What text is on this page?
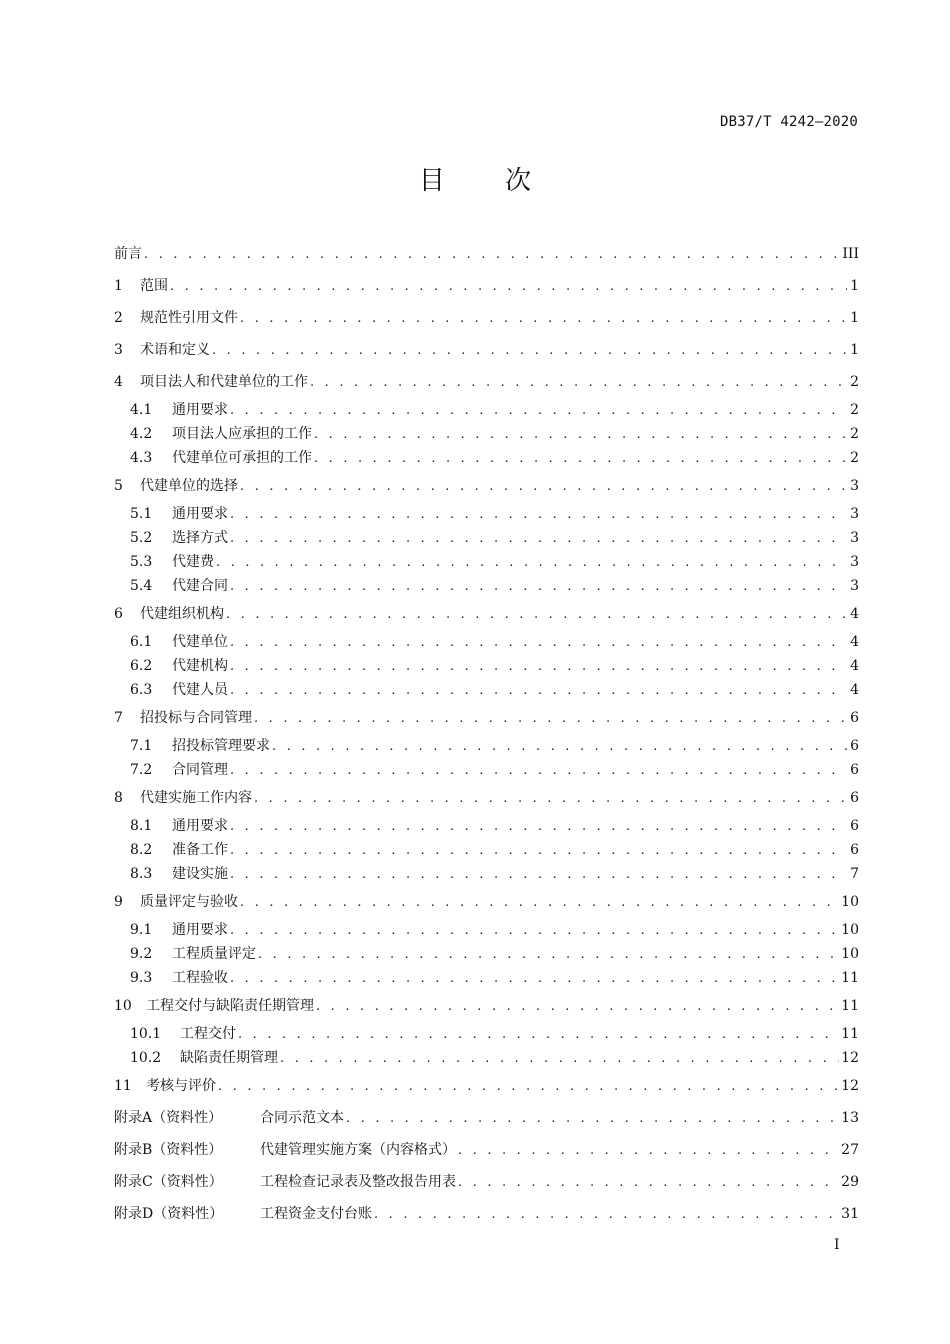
DB37/T 4242—2020
目 次
前言 . . .	III
1	范围 . . .	1
2	规范性引用文件 . . .	1
3	术语和定义 . . .	1
4	项目法人和代建单位的工作 . . .	2
4.1	通用要求 . . .	2
4.2	项目法人应承担的工作 . . .	2
4.3	代建单位可承担的工作 . . .	2
5	代建单位的选择 . . .	3
5.1	通用要求 . . .	3
5.2	选择方式 . . .	3
5.3	代建费 . . .	3
5.4	代建合同 . . .	3
6	代建组织机构 . . .	4
6.1	代建单位 . . .	4
6.2	代建机构 . . .	4
6.3	代建人员 . . .	4
7	招投标与合同管理 . . .	6
7.1	招投标管理要求 . . .	6
7.2	合同管理 . . .	6
8	代建实施工作内容 . . .	6
8.1	通用要求 . . .	6
8.2	准备工作 . . .	6
8.3	建设实施 . . .	7
9	质量评定与验收 . . .	10
9.1	通用要求 . . .	10
9.2	工程质量评定 . . .	10
9.3	工程验收 . . .	11
10	工程交付与缺陷责任期管理 . . .	11
10.1	工程交付 . . .	11
10.2	缺陷责任期管理 . . .	12
11	考核与评价 . . .	12
附录A（资料性）	合同示范文本 . . .	13
附录B（资料性）	代建管理实施方案（内容格式） . . .	27
附录C（资料性）	工程检查记录表及整改报告用表 . . .	29
附录D（资料性）	工程资金支付台账 . . .	31
I
